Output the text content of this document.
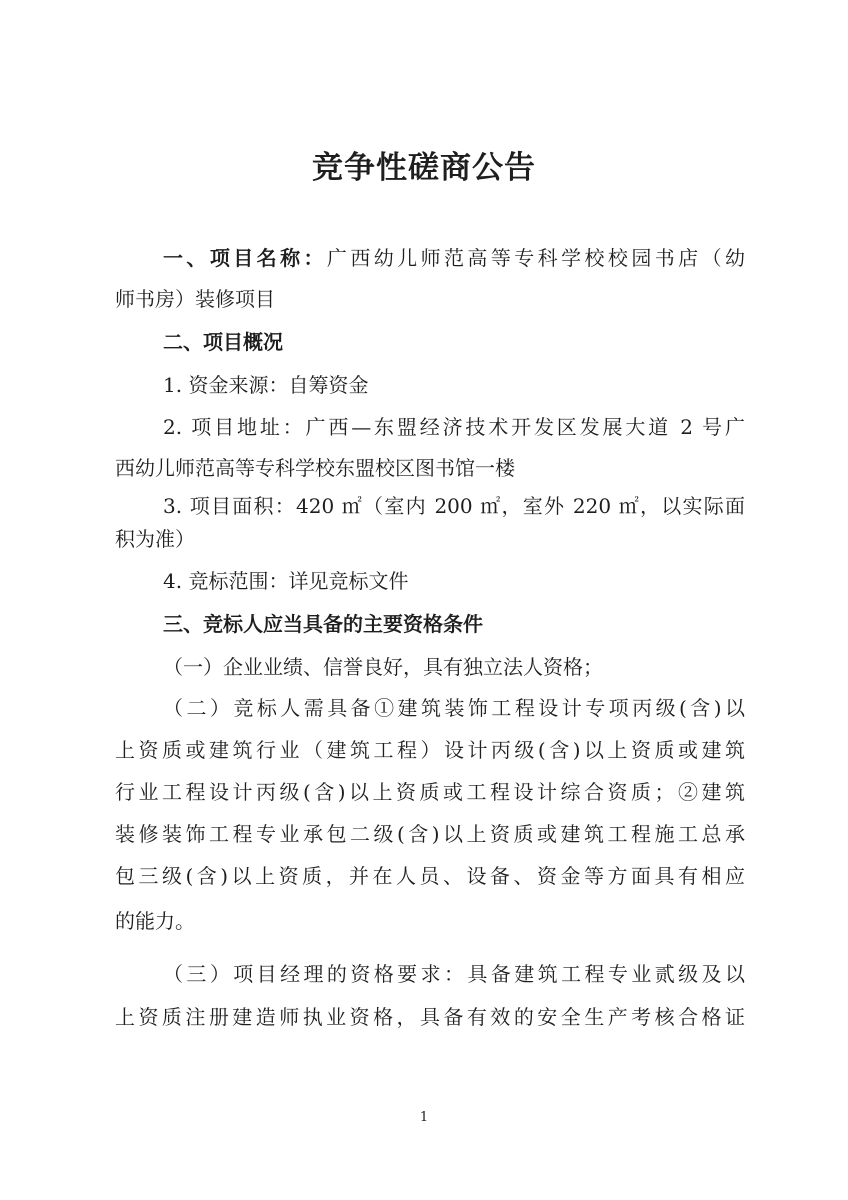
竞争性磋商公告

一、项目名称：广西幼儿师范高等专科学校校园书店（幼

师书房）装修项目

二、项目概况

1. 资金来源：自筹资金

2. 项目地址：广西—东盟经济技术开发区发展大道 2 号广

西幼儿师范高等专科学校东盟校区图书馆一楼

3. 项目面积：420 ㎡（室内 200 ㎡，室外 220 ㎡，以实际面

积为准）

4. 竞标范围：详见竞标文件

三、竞标人应当具备的主要资格条件

（一）企业业绩、信誉良好，具有独立法人资格；

（二）竞标人需具备①建筑装饰工程设计专项丙级(含)以

上资质或建筑行业（建筑工程）设计丙级(含)以上资质或建筑

行业工程设计丙级(含)以上资质或工程设计综合资质；②建筑

装修装饰工程专业承包二级(含)以上资质或建筑工程施工总承

包三级(含)以上资质，并在人员、设备、资金等方面具有相应

的能力。

（三）项目经理的资格要求：具备建筑工程专业贰级及以

上资质注册建造师执业资格，具备有效的安全生产考核合格证

1
